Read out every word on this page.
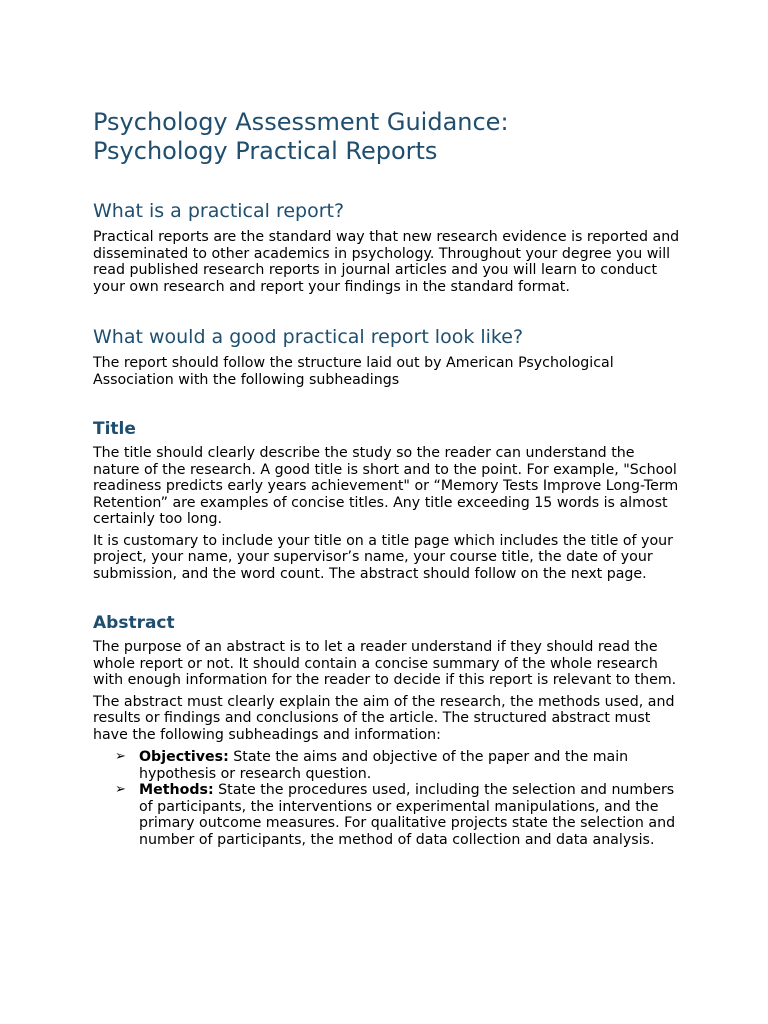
Psychology Assessment Guidance:
Psychology Practical Reports
What is a practical report?

Practical reports are the standard way that new research evidence is reported and disseminated to other academics in psychology. Throughout your degree you will read published research reports in journal articles and you will learn to conduct your own research and report your findings in the standard format.

What would a good practical report look like?

The report should follow the structure laid out by American Psychological Association with the following subheadings

Title

The title should clearly describe the study so the reader can understand the nature of the research. A good title is short and to the point. For example, "School readiness predicts early years achievement" or “Memory Tests Improve Long-Term Retention” are examples of concise titles. Any title exceeding 15 words is almost certainly too long.

It is customary to include your title on a title page which includes the title of your project, your name, your supervisor’s name, your course title, the date of your submission, and the word count. The abstract should follow on the next page.

Abstract

The purpose of an abstract is to let a reader understand if they should read the whole report or not. It should contain a concise summary of the whole research with enough information for the reader to decide if this report is relevant to them.

The abstract must clearly explain the aim of the research, the methods used, and results or findings and conclusions of the article. The structured abstract must have the following subheadings and information:

➢ Objectives: State the aims and objective of the paper and the main hypothesis or research question.
➢ Methods: State the procedures used, including the selection and numbers of participants, the interventions or experimental manipulations, and the primary outcome measures. For qualitative projects state the selection and number of participants, the method of data collection and data analysis.
